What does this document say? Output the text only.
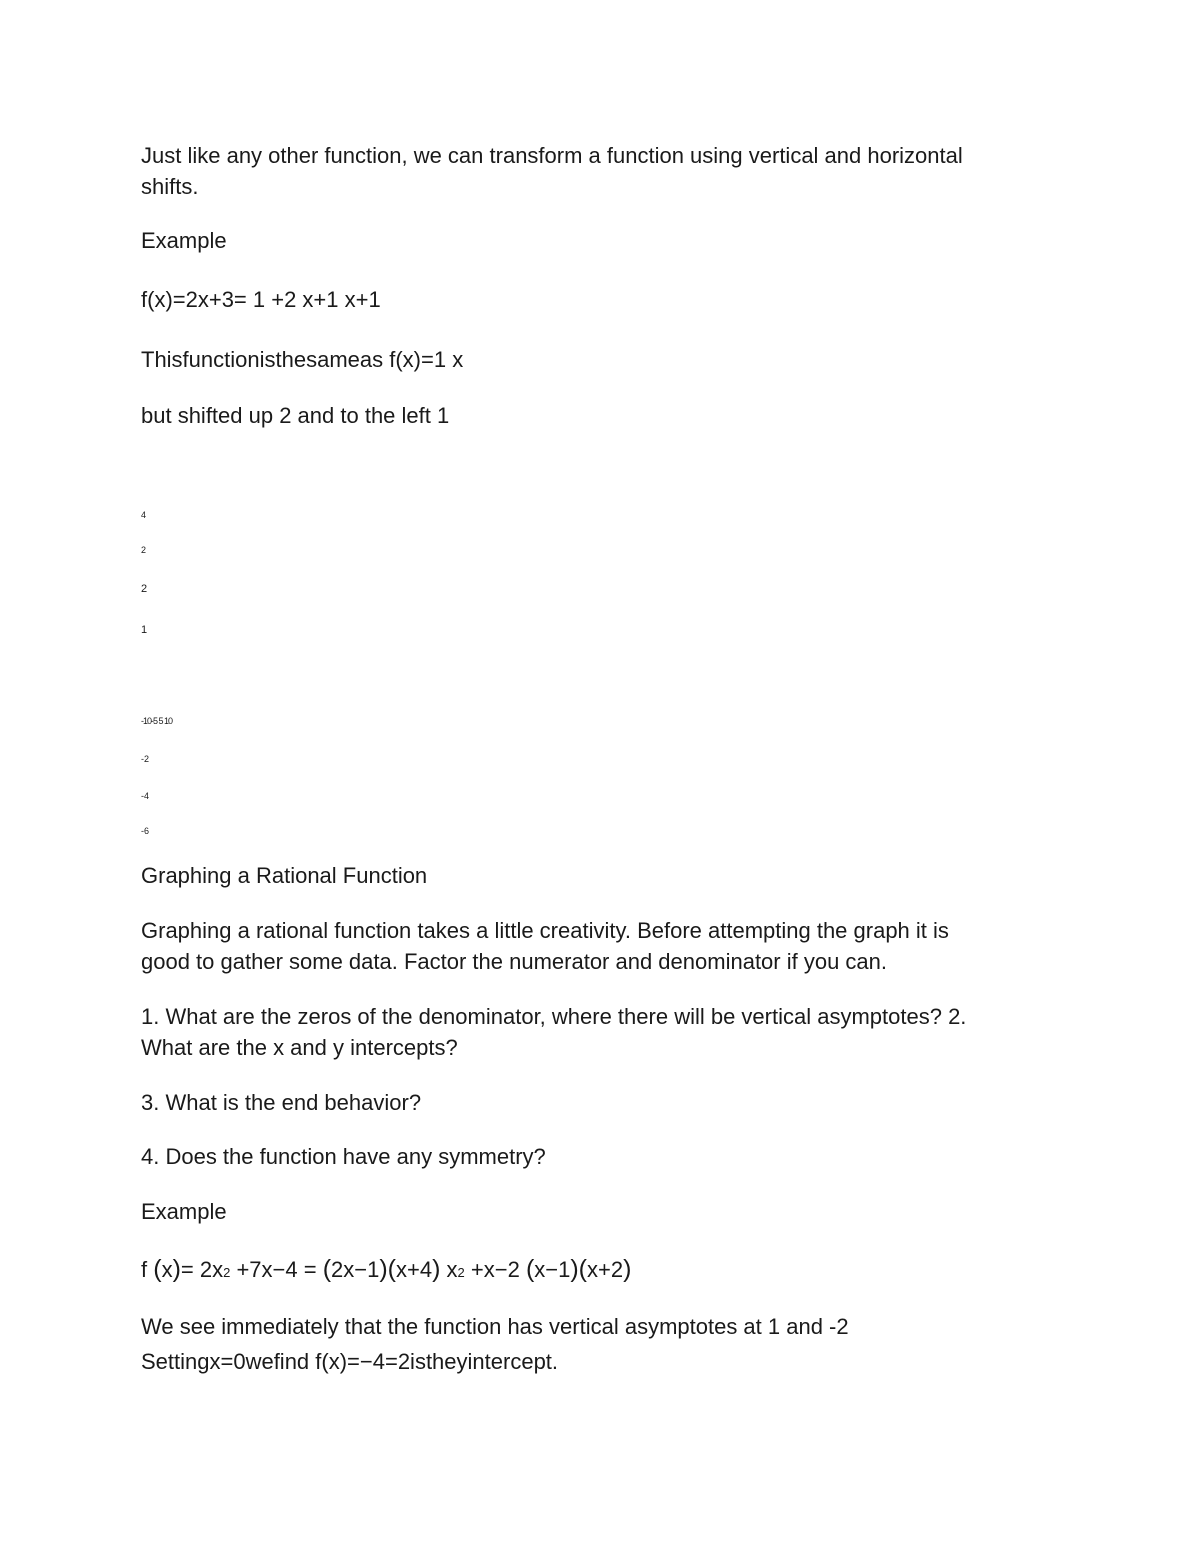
Just like any other function, we can transform a function using vertical and horizontal

shifts.

Example

f(x)=2x+3= 1 +2 x+1 x+1

Thisfunctionisthesameas f(x)=1 x

but shifted up 2 and to the left 1

4

2

2

1

-10-5 5 10

-2

-4

-6

Graphing a Rational Function

Graphing a rational function takes a little creativity. Before attempting the graph it is

good to gather some data. Factor the numerator and denominator if you can.

1. What are the zeros of the denominator, where there will be vertical asymptotes? 2.

What are the x and y intercepts?

3. What is the end behavior?

4. Does the function have any symmetry?

Example

f (x)= 2x2 +7x−4 = (2x−1)(x+4) x2 +x−2 (x−1)(x+2)

We see immediately that the function has vertical asymptotes at 1 and -2

Settingx=0wefind f(x)=−4=2istheyintercept.
